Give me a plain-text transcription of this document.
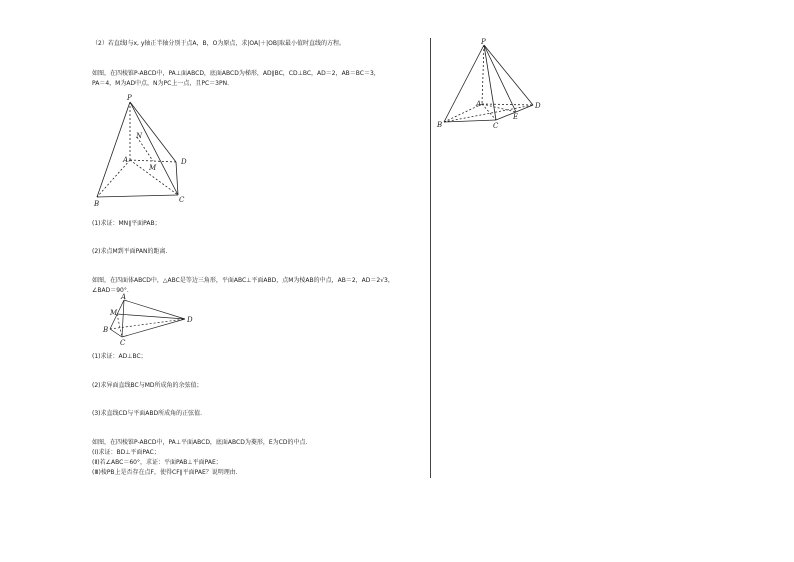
（2）若直线l与x, y轴正半轴分别于点A，B，O为原点，求|OA|＋|OB|取最小值时直线的方程。
如图，在四棱锥P-ABCD中，PA⊥面ABCD，底面ABCD为梯形，AD∥BC，CD⊥BC，AD＝2，AB＝BC＝3，
PA＝4，M为AD中点，N为PC上一点，且PC＝3PN.
P
N
A
M
D
B	C
(1)求证：MN∥平面PAB；
(2)求点M到平面PAN的距离.
如图，在四面体ABCD中，△ABC是等边三角形，平面ABC⊥平面ABD，点M为棱AB的中点，AB＝2，AD＝2√3，
∠BAD＝90°.
A
M
B
C
D
(1)求证：AD⊥BC；
(2)求异面直线BC与MD所成角的余弦值；
(3)求直线CD与平面ABD所成角的正弦值.
如图，在四棱锥P-ABCD中，PA⊥平面ABCD，底面ABCD为菱形，E为CD的中点.
(Ⅰ)求证：BD⊥平面PAC；
(Ⅱ)若∠ABC＝60°，求证：平面PAB⊥平面PAE；
(Ⅲ)棱PB上是否存在点F，使得CF∥平面PAE？说明理由.
P
A
B	C
D
E
